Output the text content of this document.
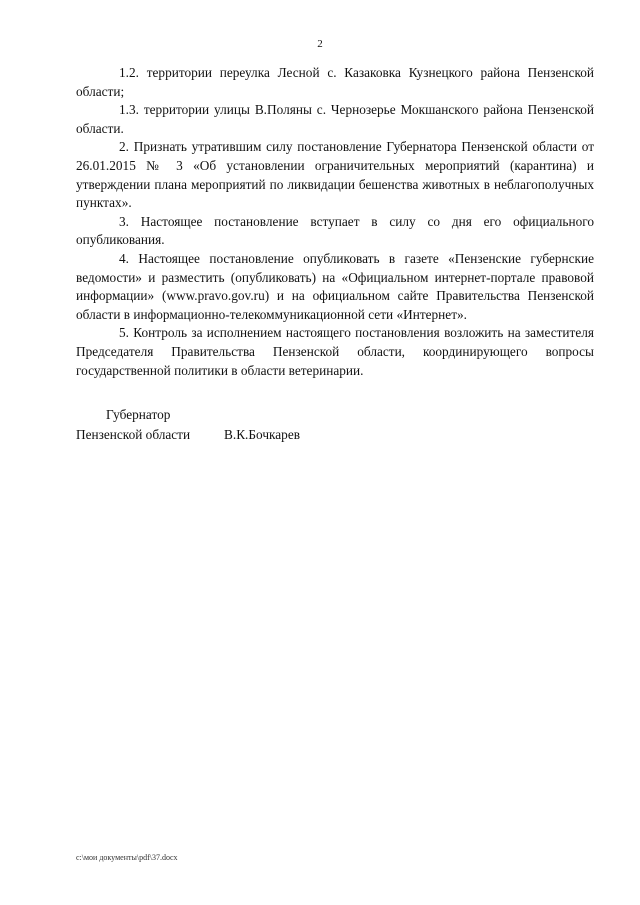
2

1.2. территории переулка Лесной с. Казаковка Кузнецкого района Пензенской области;

1.3. территории улицы В.Поляны с. Чернозерье Мокшанского района Пензенской области.

2. Признать утратившим силу постановление Губернатора Пензенской области от 26.01.2015 № 3 «Об установлении ограничительных мероприятий (карантина) и утверждении плана мероприятий по ликвидации бешенства животных в неблагополучных пунктах».

3. Настоящее постановление вступает в силу со дня его официального опубликования.

4. Настоящее постановление опубликовать в газете «Пензенские губернские ведомости» и разместить (опубликовать) на «Официальном интернет-портале правовой информации» (www.pravo.gov.ru) и на официальном сайте Правительства Пензенской области в информационно-телекоммуникационной сети «Интернет».

5. Контроль за исполнением настоящего постановления возложить на заместителя Председателя Правительства Пензенской области, координирующего вопросы государственной политики в области ветеринарии.

Губернатор
Пензенской области	В.К.Бочкарев
c:\мои документы\pdf\37.docx
